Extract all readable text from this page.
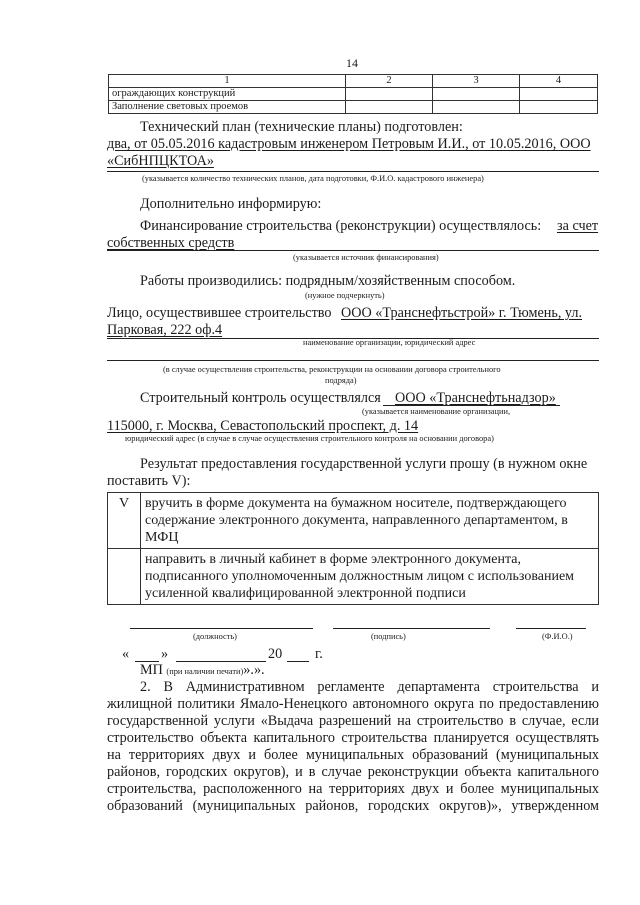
14
1	2	3	4
ограждающих конструкций			
Заполнение световых проемов			
Технический план (технические планы) подготовлен:
два, от 05.05.2016 кадастровым инженером Петровым И.И., от 10.05.2016, ООО
«СибНПЦКТОА»
(указывается количество технических планов, дата подготовки, Ф.И.О. кадастрового инженера)
Дополнительно информирую:
Финансирование строительства (реконструкции) осуществлялось: за счет
собственных средств
(указывается источник финансирования)
Работы производились: подрядным/хозяйственным способом.
(нужное подчеркнуть)
Лицо, осуществившее строительство ООО «Транснефтьстрой» г. Тюмень, ул.
Парковая, 222 оф.4
наименование организации, юридический адрес
(в случае осуществления строительства, реконструкции на основании договора строительного
подряда)
Строительный контроль осуществлялся ООО «Транснефтьнадзор»
(указывается наименование организации,
115000, г. Москва, Севастопольский проспект, д. 14
юридический адрес (в случае в случае осуществления строительного контроля на основании договора)
Результат предоставления государственной услуги прошу (в нужном окне
поставить V):
V	вручить в форме документа на бумажном носителе, подтверждающего
содержание электронного документа, направленного департаментом, в
МФЦ

	направить в личный кабинет в форме электронного документа,
подписанного уполномоченным должностным лицом с использованием
усиленной квалифицированной электронной подписи
(должность)	(подпись)	(Ф.И.О.)
« »	20 г.
МП (при наличии печати)».».
2. В Административном регламенте департамента строительства и
жилищной политики Ямало-Ненецкого автономного округа по предоставлению
государственной услуги «Выдача разрешений на строительство в случае, если
строительство объекта капитального строительства планируется осуществлять
на территориях двух и более муниципальных образований (муниципальных
районов, городских округов), и в случае реконструкции объекта капитального
строительства, расположенного на территориях двух и более муниципальных
образований (муниципальных районов, городских округов)», утвержденном
